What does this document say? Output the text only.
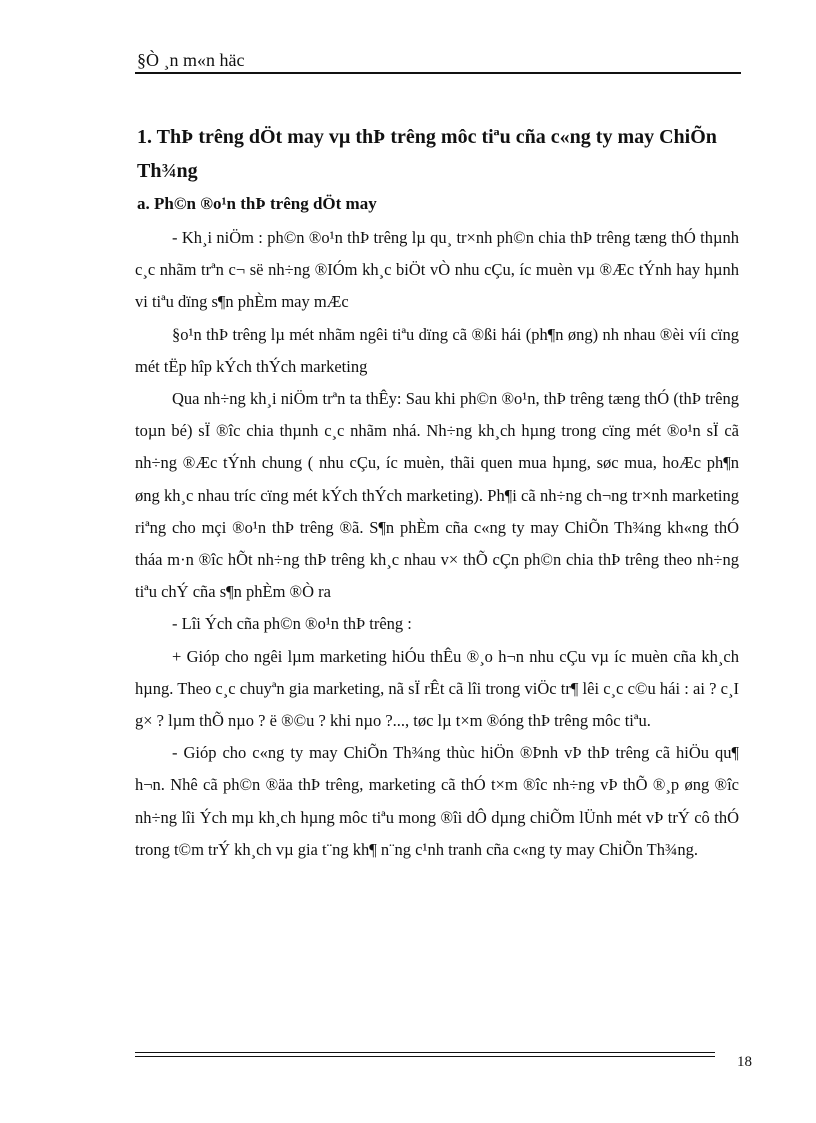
§Ò ¸n m«n häc
1. ThÞ trêng dÖt may vµ thÞ trêng môc tiªu cña c«ng ty may ChiÕn Th¾ng
a. Ph©n ®o¹n thÞ trêng dÖt may

- Kh¸i niÖm : ph©n ®o¹n thÞ trêng lµ qu¸ tr×nh ph©n chia thÞ trêng tæng thÓ thµnh c¸c nhãm trªn c¬ së nh÷ng ®IÓm kh¸c biÖt vÒ nhu cÇu, íc muèn vµ ®Æc tÝnh hay hµnh vi tiªu dïng s¶n phÈm may mÆc

§o¹n thÞ trêng lµ mét nhãm ngêi tiªu dïng cã ®ßi hái (ph¶n øng) nh nhau ®èi víi cïng mét tËp hîp kÝch thÝch marketing

Qua nh÷ng kh¸i niÖm trªn ta thÊy: Sau khi ph©n ®o¹n, thÞ trêng tæng thÓ (thÞ trêng toµn bé) sÏ ®îc chia thµnh c¸c nhãm nhá. Nh÷ng kh¸ch hµng trong cïng mét ®o¹n sÏ cã nh÷ng ®Æc tÝnh chung ( nhu cÇu, íc muèn, thãi quen mua hµng, søc mua, hoÆc ph¶n øng kh¸c nhau tríc cïng mét kÝch thÝch marketing). Ph¶i cã nh÷ng ch¬ng tr×nh marketing riªng cho mçi ®o¹n thÞ trêng ®ã. S¶n phÈm cña c«ng ty may ChiÕn Th¾ng kh«ng thÓ tháa m·n ®îc hÕt nh÷ng thÞ trêng kh¸c nhau v× thÕ cÇn ph©n chia thÞ trêng theo nh÷ng tiªu chÝ cña s¶n phÈm ®Ò ra

- Lîi Ých cña ph©n ®o¹n thÞ trêng :

+ Gióp cho ngêi lµm marketing hiÓu thÊu ®¸o h¬n nhu cÇu vµ íc muèn cña kh¸ch hµng. Theo c¸c chuyªn gia marketing, nã sÏ rÊt cã lîi trong viÖc tr¶ lêi c¸c c©u hái : ai ? c¸I g× ? lµm thÕ nµo ? ë ®©u ? khi nµo ?..., tøc lµ t×m ®óng thÞ trêng môc tiªu.

- Gióp cho c«ng ty may ChiÕn Th¾ng thùc hiÖn ®Þnh vÞ thÞ trêng cã hiÖu qu¶ h¬n. Nhê cã ph©n ®äa thÞ trêng, marketing cã thÓ t×m ®îc nh÷ng vÞ thÕ ®¸p øng ®îc nh÷ng lîi Ých mµ kh¸ch hµng môc tiªu mong ®îi dÔ dµng chiÕm lÜnh mét vÞ trÝ cô thÓ trong t©m trÝ kh¸ch vµ gia t¨ng kh¶ n¨ng c¹nh tranh cña c«ng ty may ChiÕn Th¾ng.

18
